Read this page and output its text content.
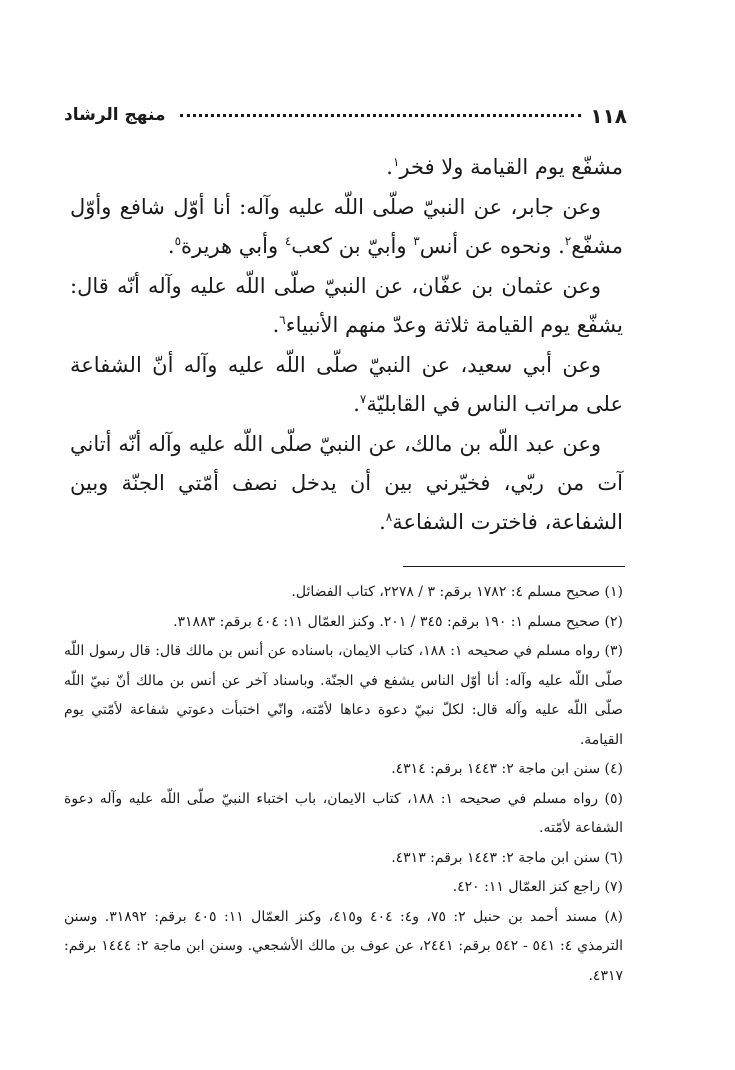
١١٨
منهج الرشاد

مشفّع يوم القيامة ولا فخر$^١$.

وعن جابر، عن النبيّ صلّى اللّه عليه وآله: أنا أوّل شافع وأوّل مشفّع$^٢$. ونحوه عن أنس$^٣$ وأبيّ بن كعب$^٤$ وأبي هريرة$^٥$.

وعن عثمان بن عفّان، عن النبيّ صلّى اللّه عليه وآله أنّه قال: يشفّع يوم القيامة ثلاثة وعدّ منهم الأنبياء$^٦$.

وعن أبي سعيد، عن النبيّ صلّى اللّه عليه وآله أنّ الشفاعة على مراتب الناس في القابليّة$^٧$.

وعن عبد اللّه بن مالك، عن النبيّ صلّى اللّه عليه وآله أنّه أتاني آت من ربّي، فخيّرني بين أن يدخل نصف أمّتي الجنّة وبين الشفاعة، فاخترت الشفاعة$^٨$.

(١) صحيح مسلم ٤: ١٧٨٢ برقم: ٣ / ٢٢٧٨، كتاب الفضائل.

(٢) صحيح مسلم ١: ١٩٠ برقم: ٣٤٥ / ٢٠١. وكنز العمّال ١١: ٤٠٤ برقم: ٣١٨٨٣.

(٣) رواه مسلم في صحيحه ١: ١٨٨، كتاب الايمان، باسناده عن أنس بن مالك قال: قال رسول اللّه صلّى اللّه عليه وآله: أنا أوّل الناس يشفع في الجنّة. وباسناد آخر عن أنس بن مالك أنّ نبيّ اللّه صلّى اللّه عليه وآله قال: لكلّ نبيّ دعوة دعاها لأمّته، وانّي اختبأت دعوتي شفاعة لأمّتي يوم القيامة.

(٤) سنن ابن ماجة ٢: ١٤٤٣ برقم: ٤٣١٤.

(٥) رواه مسلم في صحيحه ١: ١٨٨، كتاب الايمان، باب اختباء النبيّ صلّى اللّه عليه وآله دعوة الشفاعة لأمّته.

(٦) سنن ابن ماجة ٢: ١٤٤٣ برقم: ٤٣١٣.

(٧) راجع كنز العمّال ١١: ٤٢٠.

(٨) مسند أحمد بن حنبل ٢: ٧٥، و٤: ٤٠٤ و٤١٥، وكنز العمّال ١١: ٤٠٥ برقم: ٣١٨٩٢. وسنن الترمذي ٤: ٥٤١ - ٥٤٢ برقم: ٢٤٤١، عن عوف بن مالك الأشجعي. وسنن ابن ماجة ٢: ١٤٤٤ برقم: ٤٣١٧.
